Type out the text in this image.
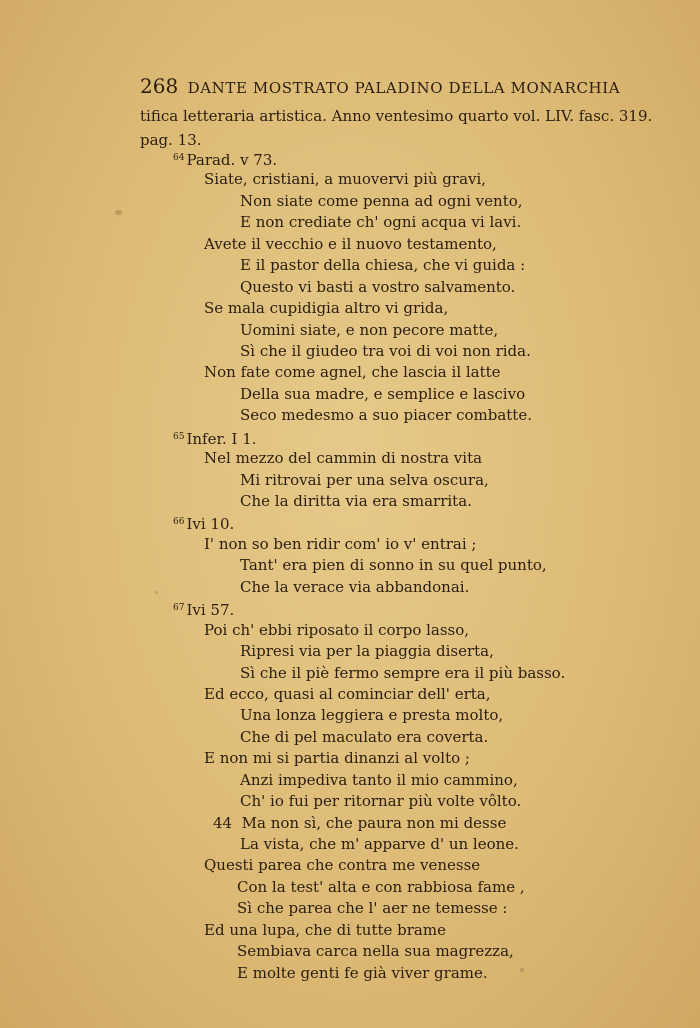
268 DANTE MOSTRATO PALADINO DELLA MONARCHIA
tifica letteraria artistica. Anno ventesimo quarto vol. LIV. fasc. 319.
pag. 13.
$^{64}$ Parad. v 73.
Siate, cristiani, a muovervi più gravi,
Non siate come penna ad ogni vento,
E non crediate ch' ogni acqua vi lavi.
Avete il vecchio e il nuovo testamento,
E il pastor della chiesa, che vi guida :
Questo vi basti a vostro salvamento.
Se mala cupidigia altro vi grida,
Uomini siate, e non pecore matte,
Sì che il giudeo tra voi di voi non rida.
Non fate come agnel, che lascia il latte
Della sua madre, e semplice e lascivo
Seco medesmo a suo piacer combatte.
$^{65}$ Infer. I 1.
Nel mezzo del cammin di nostra vita
Mi ritrovai per una selva oscura,
Che la diritta via era smarrita.
$^{66}$ Ivi 10.
I' non so ben ridir com' io v' entrai ;
Tant' era pien di sonno in su quel punto,
Che la verace via abbandonai.
$^{67}$ Ivi 57.
Poi ch' ebbi riposato il corpo lasso,
Ripresi via per la piaggia diserta,
Sì che il piè fermo sempre era il più basso.
Ed ecco, quasi al cominciar dell' erta,
Una lonza leggiera e presta molto,
Che di pel maculato era coverta.
E non mi si partia dinanzi al volto ;
Anzi impediva tanto il mio cammino,
Ch' io fui per ritornar più volte vôlto.
44 Ma non sì, che paura non mi desse
La vista, che m' apparve d' un leone.
Questi parea che contra me venesse
Con la test' alta e con rabbiosa fame ,
Sì che parea che l' aer ne temesse :
Ed una lupa, che di tutte brame
Sembiava carca nella sua magrezza,
E molte genti fe già viver grame.
